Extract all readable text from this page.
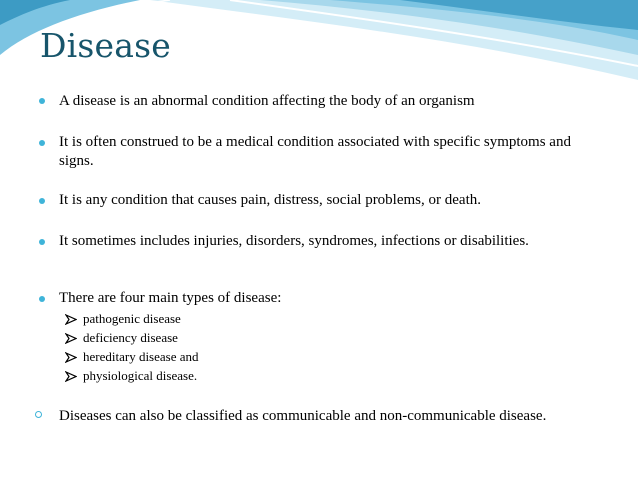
Disease
A disease is an abnormal condition affecting the body of an organism
It is often construed to be a medical condition associated with specific symptoms and signs.
It is any condition that causes pain, distress, social problems, or death.
It sometimes includes injuries, disorders, syndromes, infections or disabilities.
There are four main types of disease:
pathogenic disease
deficiency disease
hereditary disease and
physiological disease.
Diseases can also be classified as communicable and non-communicable disease.
